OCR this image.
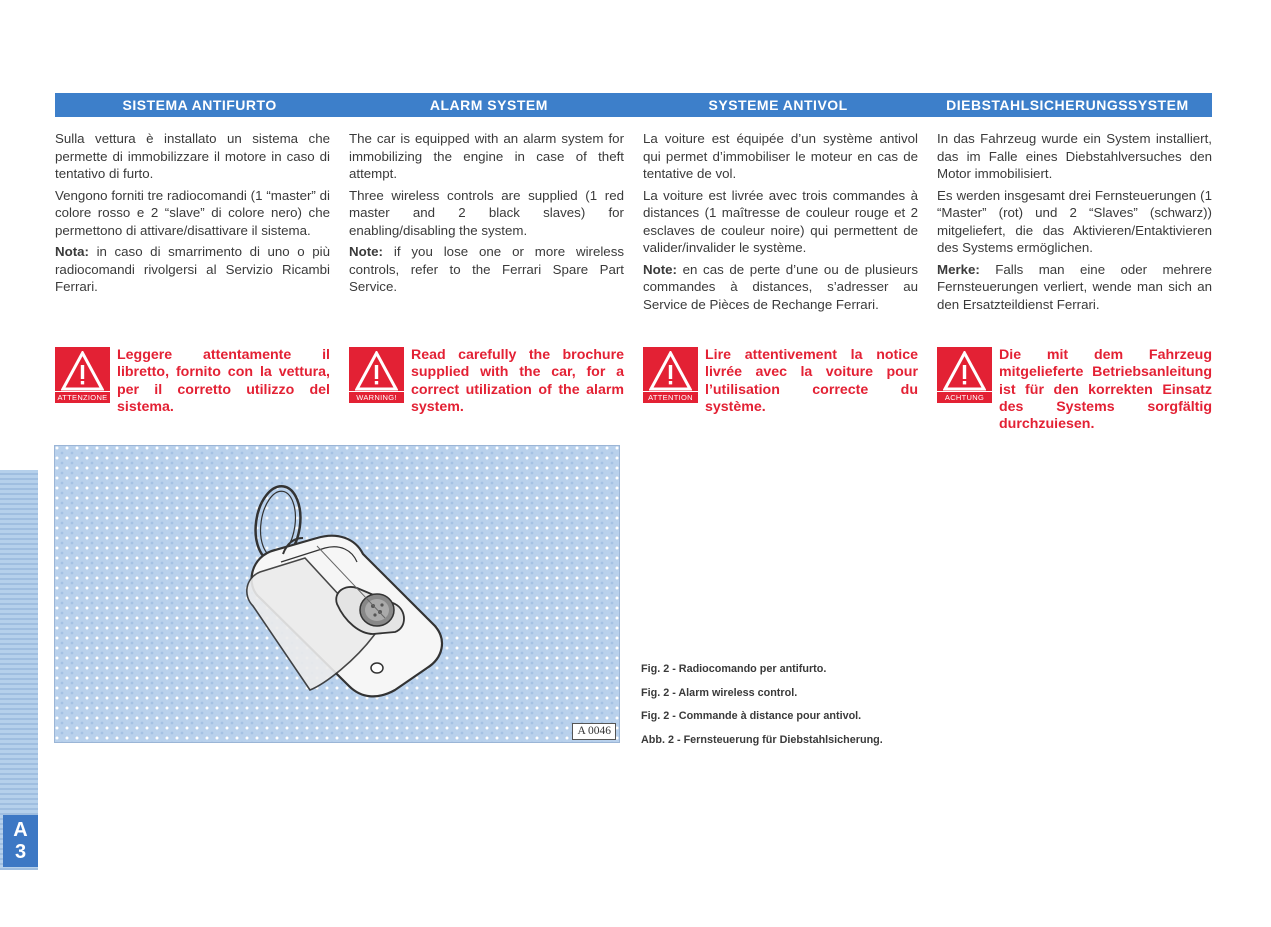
A
3
SISTEMA ANTIFURTO	ALARM SYSTEM	SYSTEME ANTIVOL	DIEBSTAHLSICHERUNGSSYSTEM

Sulla vettura è installato un sistema che permette di immobilizzare il motore in caso di tentativo di furto.

Vengono forniti tre radiocomandi (1 “master” di colore rosso e 2 “slave” di colore nero) che permettono di attivare/disattivare il sistema.

Nota: in caso di smarrimento di uno o più radiocomandi rivolgersi al Servizio Ricambi Ferrari.

The car is equipped with an alarm system for immobilizing the engine in case of theft attempt.

Three wireless controls are supplied (1 red master and 2 black slaves) for enabling/disabling the system.

Note: if you lose one or more wireless controls, refer to the Ferrari Spare Part Service.

La voiture est équipée d’un système antivol qui permet d’immobiliser le moteur en cas de tentative de vol.

La voiture est livrée avec trois commandes à distances (1 maîtresse de couleur rouge et 2 esclaves de couleur noire) qui permettent de valider/invalider le système.

Note: en cas de perte d’une ou de plusieurs commandes à distances, s’adresser au Service de Pièces de Rechange Ferrari.

In das Fahrzeug wurde ein System installiert, das im Falle eines Diebstahlversuches den Motor immobilisiert.

Es werden insgesamt drei Fernsteuerungen (1 “Master” (rot) und 2 “Slaves” (schwarz)) mitgeliefert, die das Aktivieren/Entaktivieren des Systems ermöglichen.

Merke: Falls man eine oder mehrere Fernsteuerungen verliert, wende man sich an den Ersatzteildienst Ferrari.

ATTENZIONE
Leggere attentamente il libretto, fornito con la vettura, per il corretto utilizzo del sistema.
WARNING!
Read carefully the brochure supplied with the car, for a correct utilization of the alarm system.
ATTENTION
Lire attentivement la notice livrée avec la voiture pour l’utilisation correcte du système.
ACHTUNG
Die mit dem Fahrzeug mitgelieferte Betriebsanleitung ist für den korrekten Einsatz des Systems sorgfältig durchzuiesen.
A 0046
Fig. 2 - Radiocomando per antifurto.
Fig. 2 - Alarm wireless control.
Fig. 2 - Commande à distance pour antivol.
Abb. 2 - Fernsteuerung für Diebstahlsicherung.
